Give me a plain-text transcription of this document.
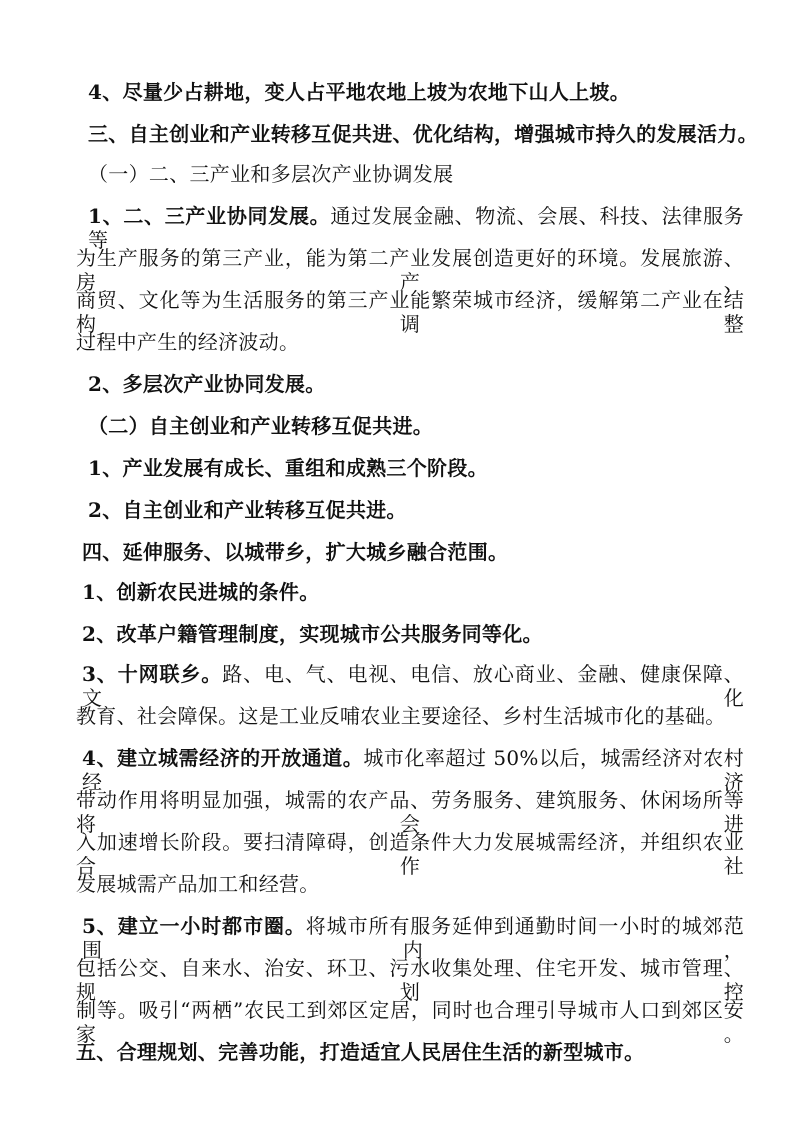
4、尽量少占耕地，变人占平地农地上坡为农地下山人上坡。
三、自主创业和产业转移互促共进、优化结构，增强城市持久的发展活力。
（一）二、三产业和多层次产业协调发展
1、二、三产业协同发展。通过发展金融、物流、会展、科技、法律服务等
为生产服务的第三产业，能为第二产业发展创造更好的环境。发展旅游、房产、
商贸、文化等为生活服务的第三产业能繁荣城市经济，缓解第二产业在结构调整
过程中产生的经济波动。
2、多层次产业协同发展。
（二）自主创业和产业转移互促共进。
1、产业发展有成长、重组和成熟三个阶段。
2、自主创业和产业转移互促共进。
四、延伸服务、以城带乡，扩大城乡融合范围。
1、创新农民进城的条件。
2、改革户籍管理制度，实现城市公共服务同等化。
3、十网联乡。路、电、气、电视、电信、放心商业、金融、健康保障、文化
教育、社会障保。这是工业反哺农业主要途径、乡村生活城市化的基础。
4、建立城需经济的开放通道。城市化率超过 50%以后，城需经济对农村经济
带动作用将明显加强，城需的农产品、劳务服务、建筑服务、休闲场所等将会进
入加速增长阶段。要扫清障碍，创造条件大力发展城需经济，并组织农业合作社
发展城需产品加工和经营。
5、建立一小时都市圈。将城市所有服务延伸到通勤时间一小时的城郊范围内，
包括公交、自来水、治安、环卫、污水收集处理、住宅开发、城市管理、规划控
制等。吸引“两栖”农民工到郊区定居，同时也合理引导城市人口到郊区安家。
五、合理规划、完善功能，打造适宜人民居住生活的新型城市。
